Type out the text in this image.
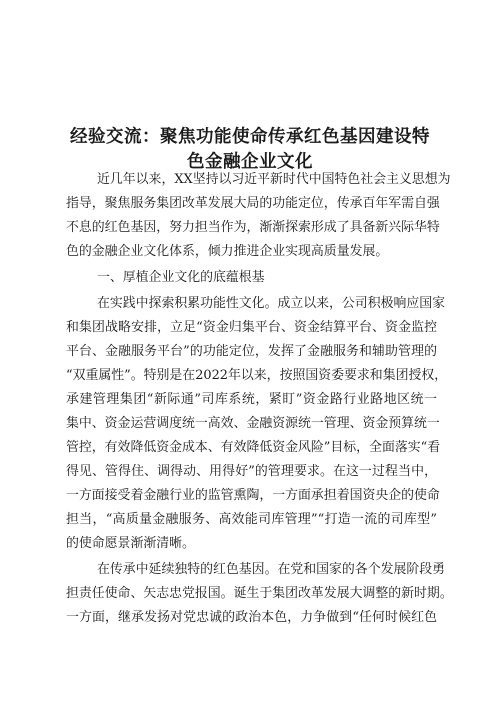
经验交流：聚焦功能使命传承红色基因建设特
色金融企业文化

近几年以来，XX坚持以习近平新时代中国特色社会主义思想为

指导，聚焦服务集团改革发展大局的功能定位，传承百年军需自强

不息的红色基因，努力担当作为，渐渐探索形成了具备新兴际华特

色的金融企业文化体系，倾力推进企业实现高质量发展。

一、厚植企业文化的底蕴根基

在实践中探索积累功能性文化。成立以来，公司积极响应国家

和集团战略安排，立足“资金归集平台、资金结算平台、资金监控

平台、金融服务平台”的功能定位，发挥了金融服务和辅助管理的

“双重属性”。特别是在2022年以来，按照国资委要求和集团授权，

承建管理集团“新际通”司库系统，紧盯”资金路行业路地区统一

集中、资金运营调度统一高效、金融资源统一管理、资金预算统一

管控，有效降低资金成本、有效降低资金风险”目标，全面落实“看

得见、管得住、调得动、用得好”的管理要求。在这一过程当中，

一方面接受着金融行业的监管熏陶，一方面承担着国资央企的使命

担当，“高质量金融服务、高效能司库管理”“打造一流的司库型”

的使命愿景渐渐清晰。

在传承中延续独特的红色基因。在党和国家的各个发展阶段勇

担责任使命、矢志忠党报国。诞生于集团改革发展大调整的新时期。

一方面，继承发扬对党忠诚的政治本色，力争做到“任何时候红色
